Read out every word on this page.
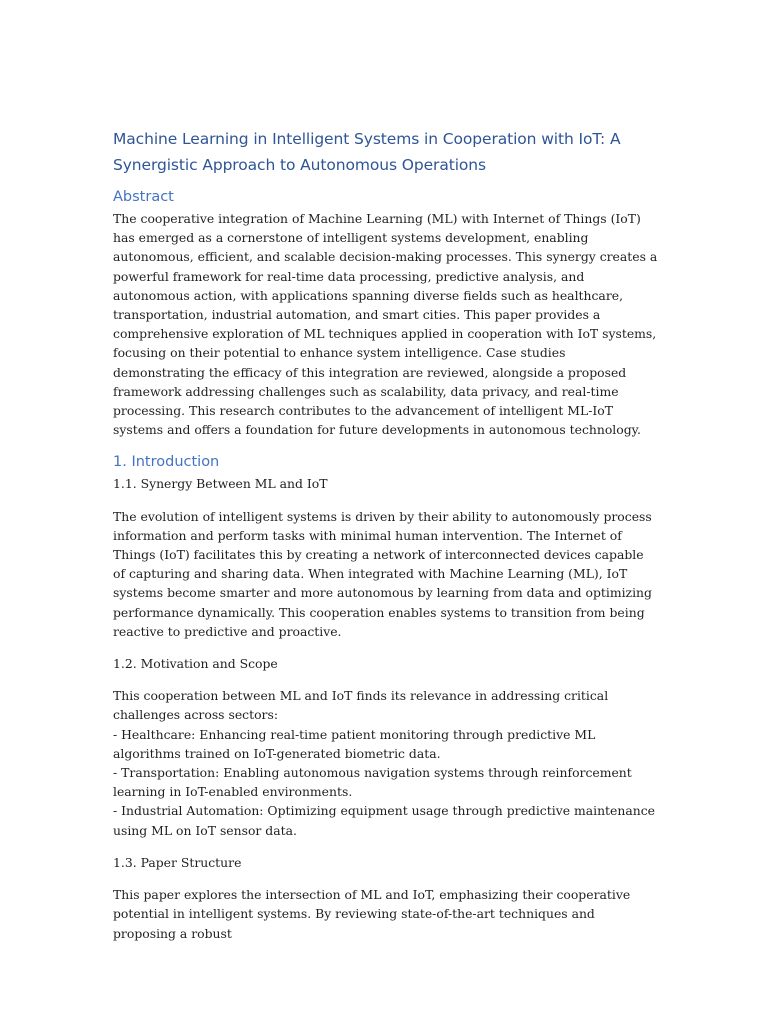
Machine Learning in Intelligent Systems in Cooperation with IoT: A Synergistic Approach to Autonomous Operations
Abstract

The cooperative integration of Machine Learning (ML) with Internet of Things (IoT) has emerged as a cornerstone of intelligent systems development, enabling autonomous, efficient, and scalable decision-making processes. This synergy creates a powerful framework for real-time data processing, predictive analysis, and autonomous action, with applications spanning diverse fields such as healthcare, transportation, industrial automation, and smart cities. This paper provides a comprehensive exploration of ML techniques applied in cooperation with IoT systems, focusing on their potential to enhance system intelligence. Case studies demonstrating the efficacy of this integration are reviewed, alongside a proposed framework addressing challenges such as scalability, data privacy, and real-time processing. This research contributes to the advancement of intelligent ML-IoT systems and offers a foundation for future developments in autonomous technology.

1. Introduction

1.1. Synergy Between ML and IoT

The evolution of intelligent systems is driven by their ability to autonomously process information and perform tasks with minimal human intervention. The Internet of Things (IoT) facilitates this by creating a network of interconnected devices capable of capturing and sharing data. When integrated with Machine Learning (ML), IoT systems become smarter and more autonomous by learning from data and optimizing performance dynamically. This cooperation enables systems to transition from being reactive to predictive and proactive.

1.2. Motivation and Scope

This cooperation between ML and IoT finds its relevance in addressing critical challenges across sectors:
- Healthcare: Enhancing real-time patient monitoring through predictive ML algorithms trained on IoT-generated biometric data.
- Transportation: Enabling autonomous navigation systems through reinforcement learning in IoT-enabled environments.
- Industrial Automation: Optimizing equipment usage through predictive maintenance using ML on IoT sensor data.

1.3. Paper Structure

This paper explores the intersection of ML and IoT, emphasizing their cooperative potential in intelligent systems. By reviewing state-of-the-art techniques and proposing a robust
